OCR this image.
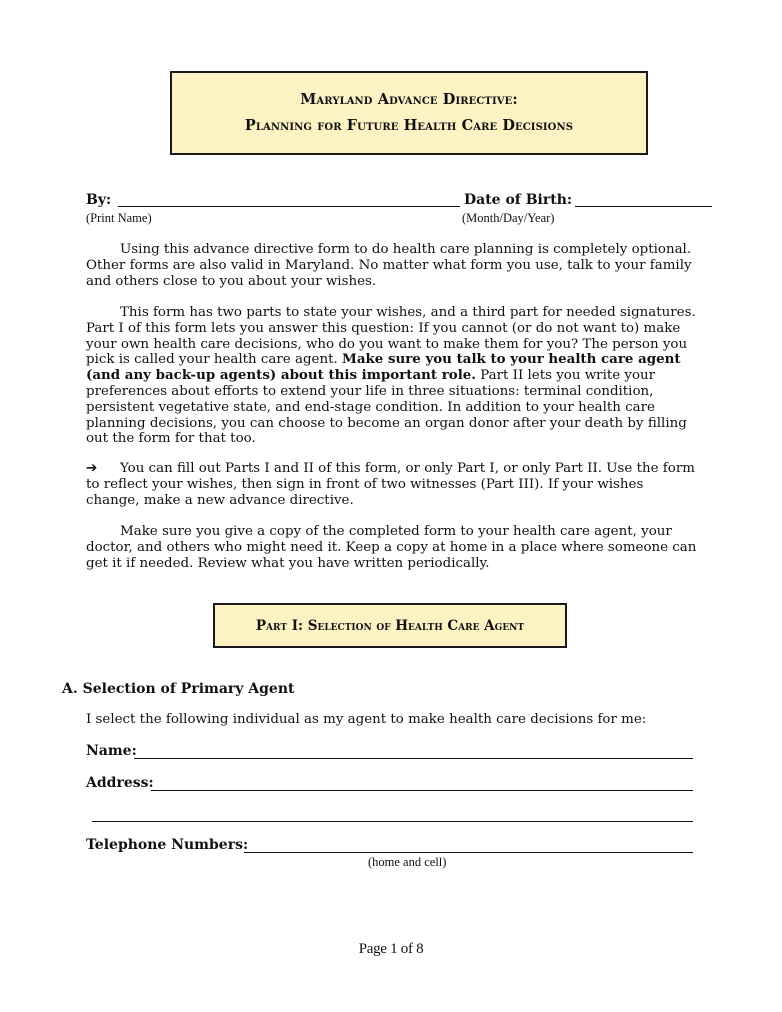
Maryland Advance Directive:
Planning for Future Health Care Decisions
By:	Date of Birth:
(Print Name)	(Month/Day/Year)

Using this advance directive form to do health care planning is completely optional. Other forms are also valid in Maryland. No matter what form you use, talk to your family and others close to you about your wishes.

This form has two parts to state your wishes, and a third part for needed signatures. Part I of this form lets you answer this question: If you cannot (or do not want to) make your own health care decisions, who do you want to make them for you? The person you pick is called your health care agent. Make sure you talk to your health care agent (and any back-up agents) about this important role. Part II lets you write your preferences about efforts to extend your life in three situations: terminal condition, persistent vegetative state, and end-stage condition. In addition to your health care planning decisions, you can choose to become an organ donor after your death by filling out the form for that too.

➔ You can fill out Parts I and II of this form, or only Part I, or only Part II. Use the form to reflect your wishes, then sign in front of two witnesses (Part III). If your wishes change, make a new advance directive.

Make sure you give a copy of the completed form to your health care agent, your doctor, and others who might need it. Keep a copy at home in a place where someone can get it if needed. Review what you have written periodically.

Part I: Selection of Health Care Agent
A. Selection of Primary Agent
I select the following individual as my agent to make health care decisions for me:
Name:
Address:
Telephone Numbers:
(home and cell)
Page 1 of 8
